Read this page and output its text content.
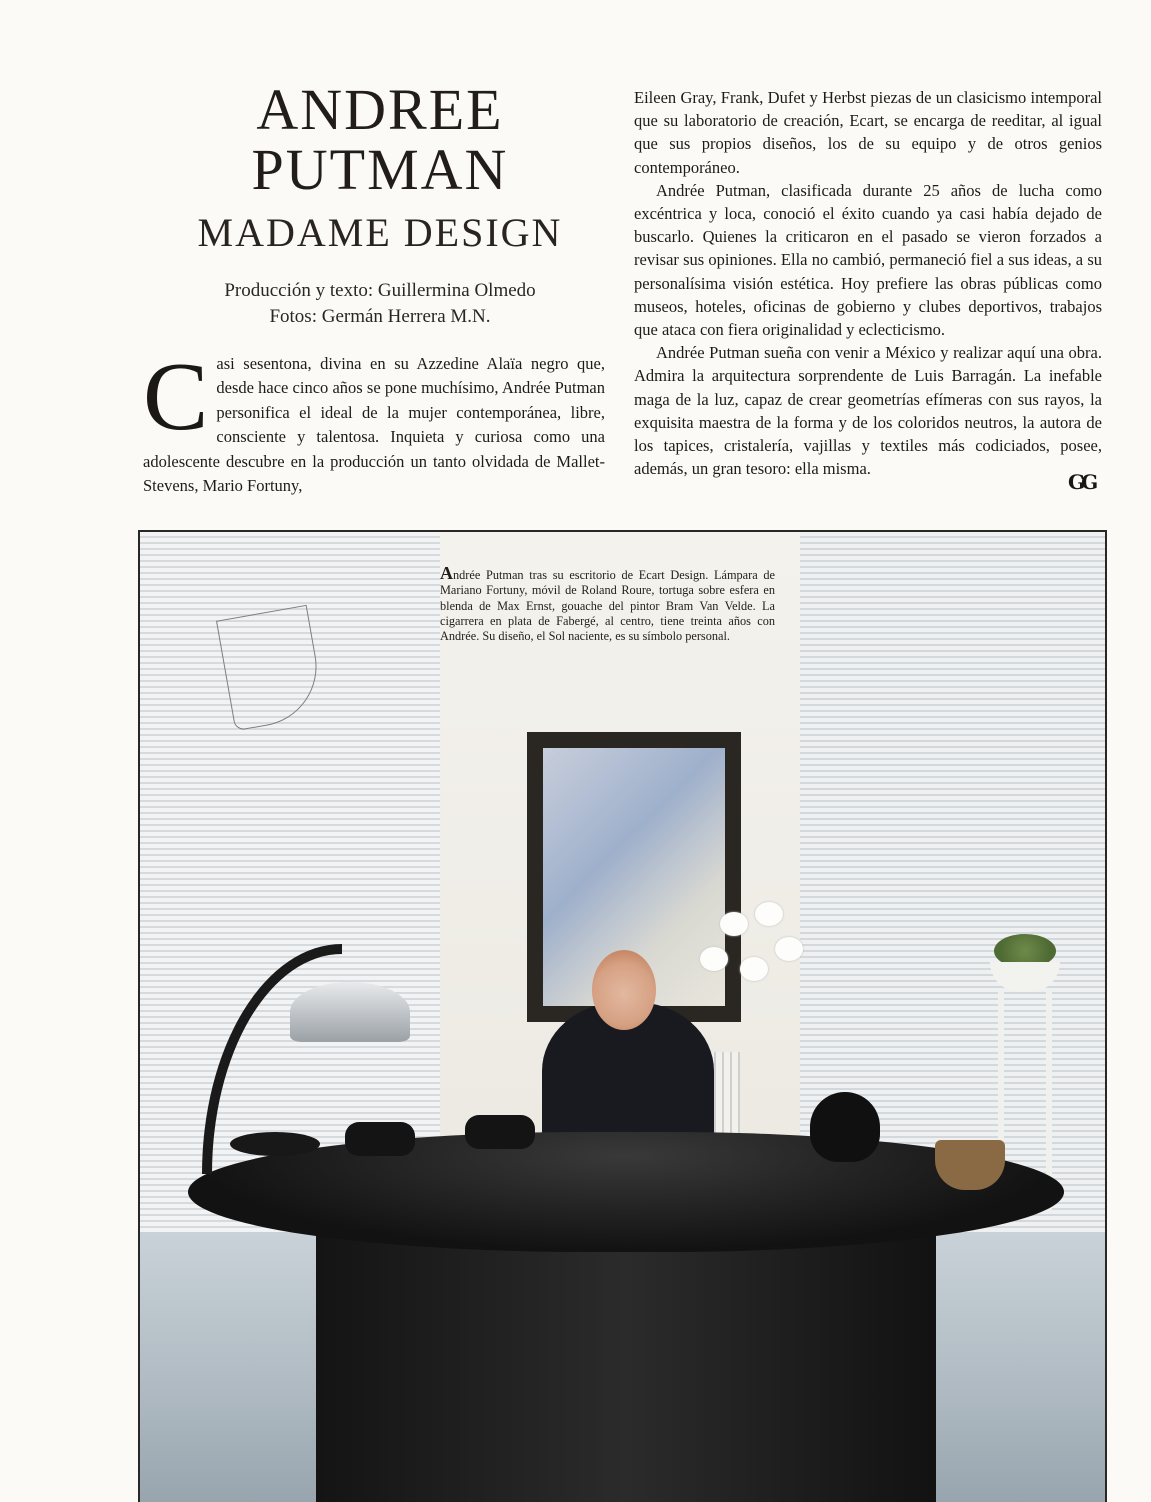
ANDREE
PUTMAN
MADAME DESIGN
Producción y texto: Guillermina Olmedo
Fotos: Germán Herrera M.N.
C asi sesentona, divina en su Azzedine Alaïa negro que, desde hace cinco años se pone muchísimo, Andrée Putman personifica el ideal de la mujer contemporánea, libre, consciente y talentosa. Inquieta y curiosa como una adolescente descubre en la producción un tanto olvidada de Mallet-Stevens, Mario Fortuny,

Eileen Gray, Frank, Dufet y Herbst piezas de un clasicismo intemporal que su laboratorio de creación, Ecart, se encarga de reeditar, al igual que sus propios diseños, los de su equipo y de otros genios contemporáneo.

Andrée Putman, clasificada durante 25 años de lucha como excéntrica y loca, conoció el éxito cuando ya casi había dejado de buscarlo. Quienes la criticaron en el pasado se vieron forzados a revisar sus opiniones. Ella no cambió, permaneció fiel a sus ideas, a su personalísima visión estética. Hoy prefiere las obras públicas como museos, hoteles, oficinas de gobierno y clubes deportivos, trabajos que ataca con fiera originalidad y eclecticismo.

Andrée Putman sueña con venir a México y realizar aquí una obra. Admira la arquitectura sorprendente de Luis Barragán. La inefable maga de la luz, capaz de crear geometrías efímeras con sus rayos, la exquisita maestra de la forma y de los coloridos neutros, la autora de los tapices, cristalería, vajillas y textiles más codiciados, posee, además, un gran tesoro: ella misma.

GG
Andrée Putman tras su escritorio de Ecart Design. Lámpara de Mariano Fortuny, móvil de Roland Roure, tortuga sobre esfera en blenda de Max Ernst, gouache del pintor Bram Van Velde. La cigarrera en plata de Fabergé, al centro, tiene treinta años con Andrée. Su diseño, el Sol naciente, es su símbolo personal.
